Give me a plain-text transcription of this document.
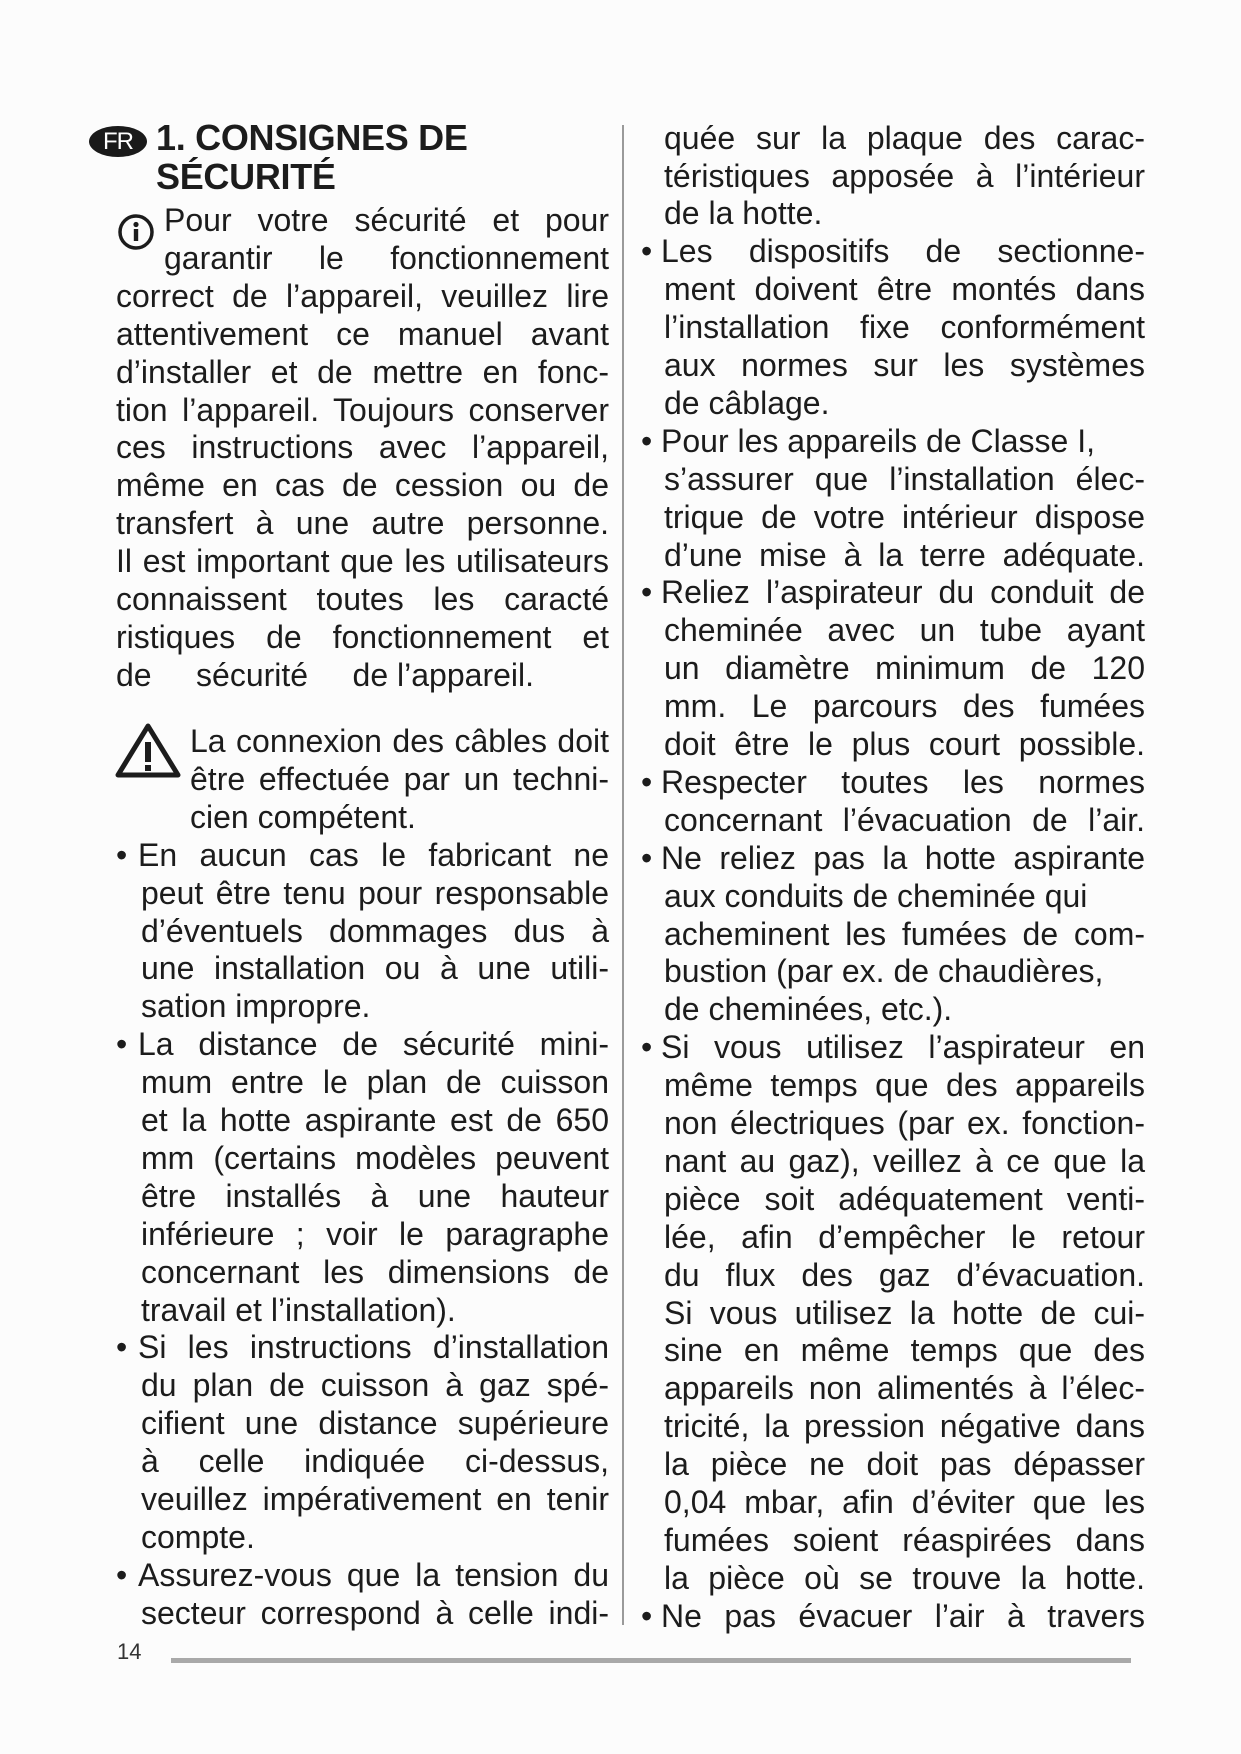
FR 1. CONSIGNES DE
SÉCURITÉ
Pour votre sécurité et pour
garantir le fonctionnement
correct de l’appareil, veuillez lire
attentivement ce manuel avant
d’installer et de mettre en fonc-
tion l’appareil. Toujours conserver
ces instructions avec l’appareil,
même en cas de cession ou de
transfert à une autre personne.
Il est important que les utilisateurs
connaissent toutes les caracté
ristiques de fonctionnement et
de     sécurité     de l’appareil.
La connexion des câbles doit
être effectuée par un techni-
cien compétent.
• En aucun cas le fabricant ne
peut être tenu pour responsable
d’éventuels dommages dus à
une installation ou à une utili-
sation impropre.
• La distance de sécurité mini-
mum entre le plan de cuisson
et la hotte aspirante est de 650
mm (certains modèles peuvent
être installés à une hauteur
inférieure ; voir le paragraphe
concernant les dimensions de
travail et l’installation).
• Si les instructions d’installation
du plan de cuisson à gaz spé-
cifient une distance supérieure
à celle indiquée ci-dessus,
veuillez impérativement en tenir
compte.
• Assurez-vous que la tension du
secteur correspond à celle indi-
quée sur la plaque des carac-
téristiques apposée à l’intérieur
de la hotte.
• Les dispositifs de sectionne-
ment doivent être montés dans
l’installation fixe conformément
aux normes sur les systèmes
de câblage.
• Pour les appareils de Classe I,
s’assurer que l’installation élec-
trique de votre intérieur dispose
d’une mise à la terre adéquate.
• Reliez l’aspirateur du conduit de
cheminée avec un tube ayant
un diamètre minimum de 120
mm. Le parcours des fumées
doit être le plus court possible.
• Respecter toutes les normes
concernant l’évacuation de l’air.
• Ne reliez pas la hotte aspirante
aux conduits de cheminée qui
acheminent les fumées de com-
bustion (par ex. de chaudières,
de cheminées, etc.).
• Si vous utilisez l’aspirateur en
même temps que des appareils
non électriques (par ex. fonction-
nant au gaz), veillez à ce que la
pièce soit adéquatement venti-
lée, afin d’empêcher le retour
du flux des gaz d’évacuation.
Si vous utilisez la hotte de cui-
sine en même temps que des
appareils non alimentés à l’élec-
tricité, la pression négative dans
la pièce ne doit pas dépasser
0,04 mbar, afin d’éviter que les
fumées soient réaspirées dans
la pièce où se trouve la hotte.
• Ne pas évacuer l’air à travers
14
